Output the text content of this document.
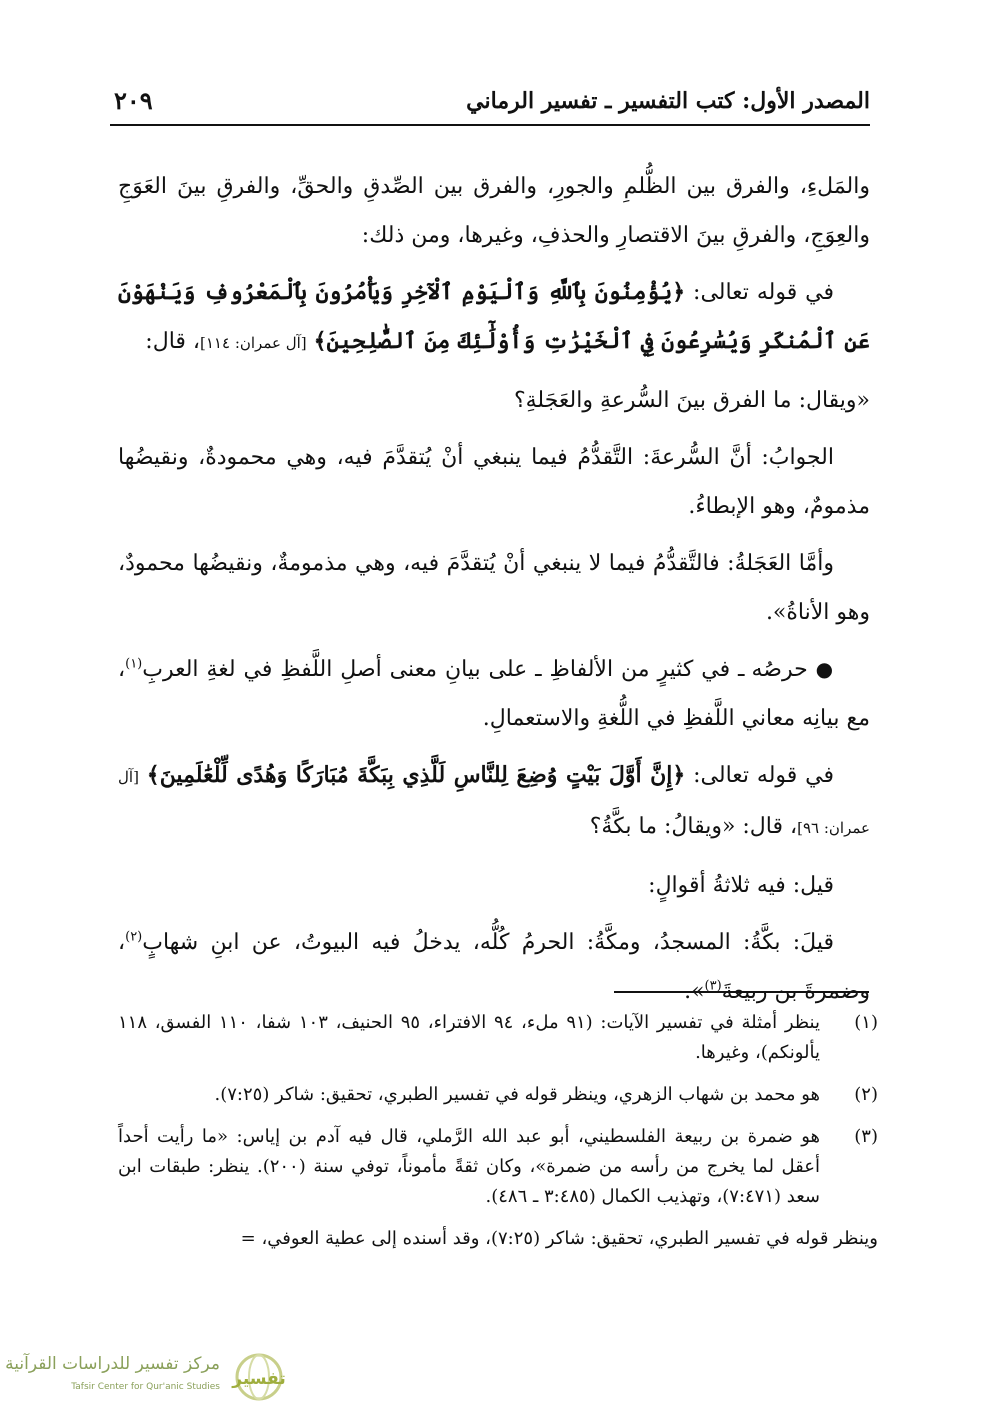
المصدر الأول: كتب التفسير ـ تفسير الرماني
٢٠٩

والمَلءِ، والفرق بين الظُّلمِ والجورِ، والفرق بين الصِّدقِ والحقِّ، والفرقِ بينَ العَوَجِ والعِوَجِ، والفرقِ بينَ الاقتصارِ والحذفِ، وغيرها، ومن ذلك:

في قوله تعالى: ﴿يُؤْمِنُونَ بِٱللَّهِ وَٱلْيَوْمِ ٱلْآخِرِ وَيَأْمُرُونَ بِٱلْمَعْرُوفِ وَيَنْهَوْنَ عَنِ ٱلْمُنكَرِ وَيُسَٰرِعُونَ فِي ٱلْخَيْرَٰتِ وَأُوْلَٰٓئِكَ مِنَ ٱلصَّٰلِحِينَ﴾ [آل عمران: ١١٤]، قال:

«ويقال: ما الفرق بينَ السُّرعةِ والعَجَلةِ؟

الجوابُ: أنَّ السُّرعةَ: التَّقدُّمُ فيما ينبغي أنْ يُتقدَّمَ فيه، وهي محمودةٌ، ونقيضُها مذمومٌ، وهو الإبطاءُ.

وأمَّا العَجَلةُ: فالتَّقدُّمُ فيما لا ينبغي أنْ يُتقدَّمَ فيه، وهي مذمومةٌ، ونقيضُها محمودٌ، وهو الأناةُ».

● حرصُه ـ في كثيرٍ من الألفاظِ ـ على بيانِ معنى أصلِ اللَّفظِ في لغةِ العربِ$^{(١)}$، مع بيانِه معاني اللَّفظِ في اللُّغةِ والاستعمالِ.

في قوله تعالى: ﴿إِنَّ أَوَّلَ بَيْتٍ وُضِعَ لِلنَّاسِ لَلَّذِي بِبَكَّةَ مُبَارَكًا وَهُدًى لِّلْعَٰلَمِينَ﴾ [آل عمران: ٩٦]، قال: «ويقالُ: ما بكَّةُ؟

قيل: فيه ثلاثةُ أقوالٍ:

قيلَ: بكَّةُ: المسجدُ، ومكَّةُ: الحرمُ كُلُّه، يدخلُ فيه البيوتُ، عن ابنِ شهابٍ$^{(٢)}$، وضمرةَ بن ربيعةَ$^{(٣)}$».

(١)
ينظر أمثلة في تفسير الآيات: (٩١ ملء، ٩٤ الافتراء، ٩٥ الحنيف، ١٠٣ شفا، ١١٠ الفسق، ١١٨ يألونكم)، وغيرها.
(٢)
هو محمد بن شهاب الزهري، وينظر قوله في تفسير الطبري، تحقيق: شاكر (٧:٢٥).
(٣)
هو ضمرة بن ربيعة الفلسطيني، أبو عبد الله الرَّملي، قال فيه آدم بن إياس: «ما رأيت أحداً أعقل لما يخرج من رأسه من ضمرة»، وكان ثقةً مأموناً، توفي سنة (٢٠٠). ينظر: طبقات ابن سعد (٧:٤٧١)، وتهذيب الكمال (٣:٤٨٥ ـ ٤٨٦).
وينظر قوله في تفسير الطبري، تحقيق: شاكر (٧:٢٥)، وقد أسنده إلى عطية العوفي، =
تفسير
مركز تفسير للدراسات القرآنية
Tafsir Center for Qur'anic Studies
